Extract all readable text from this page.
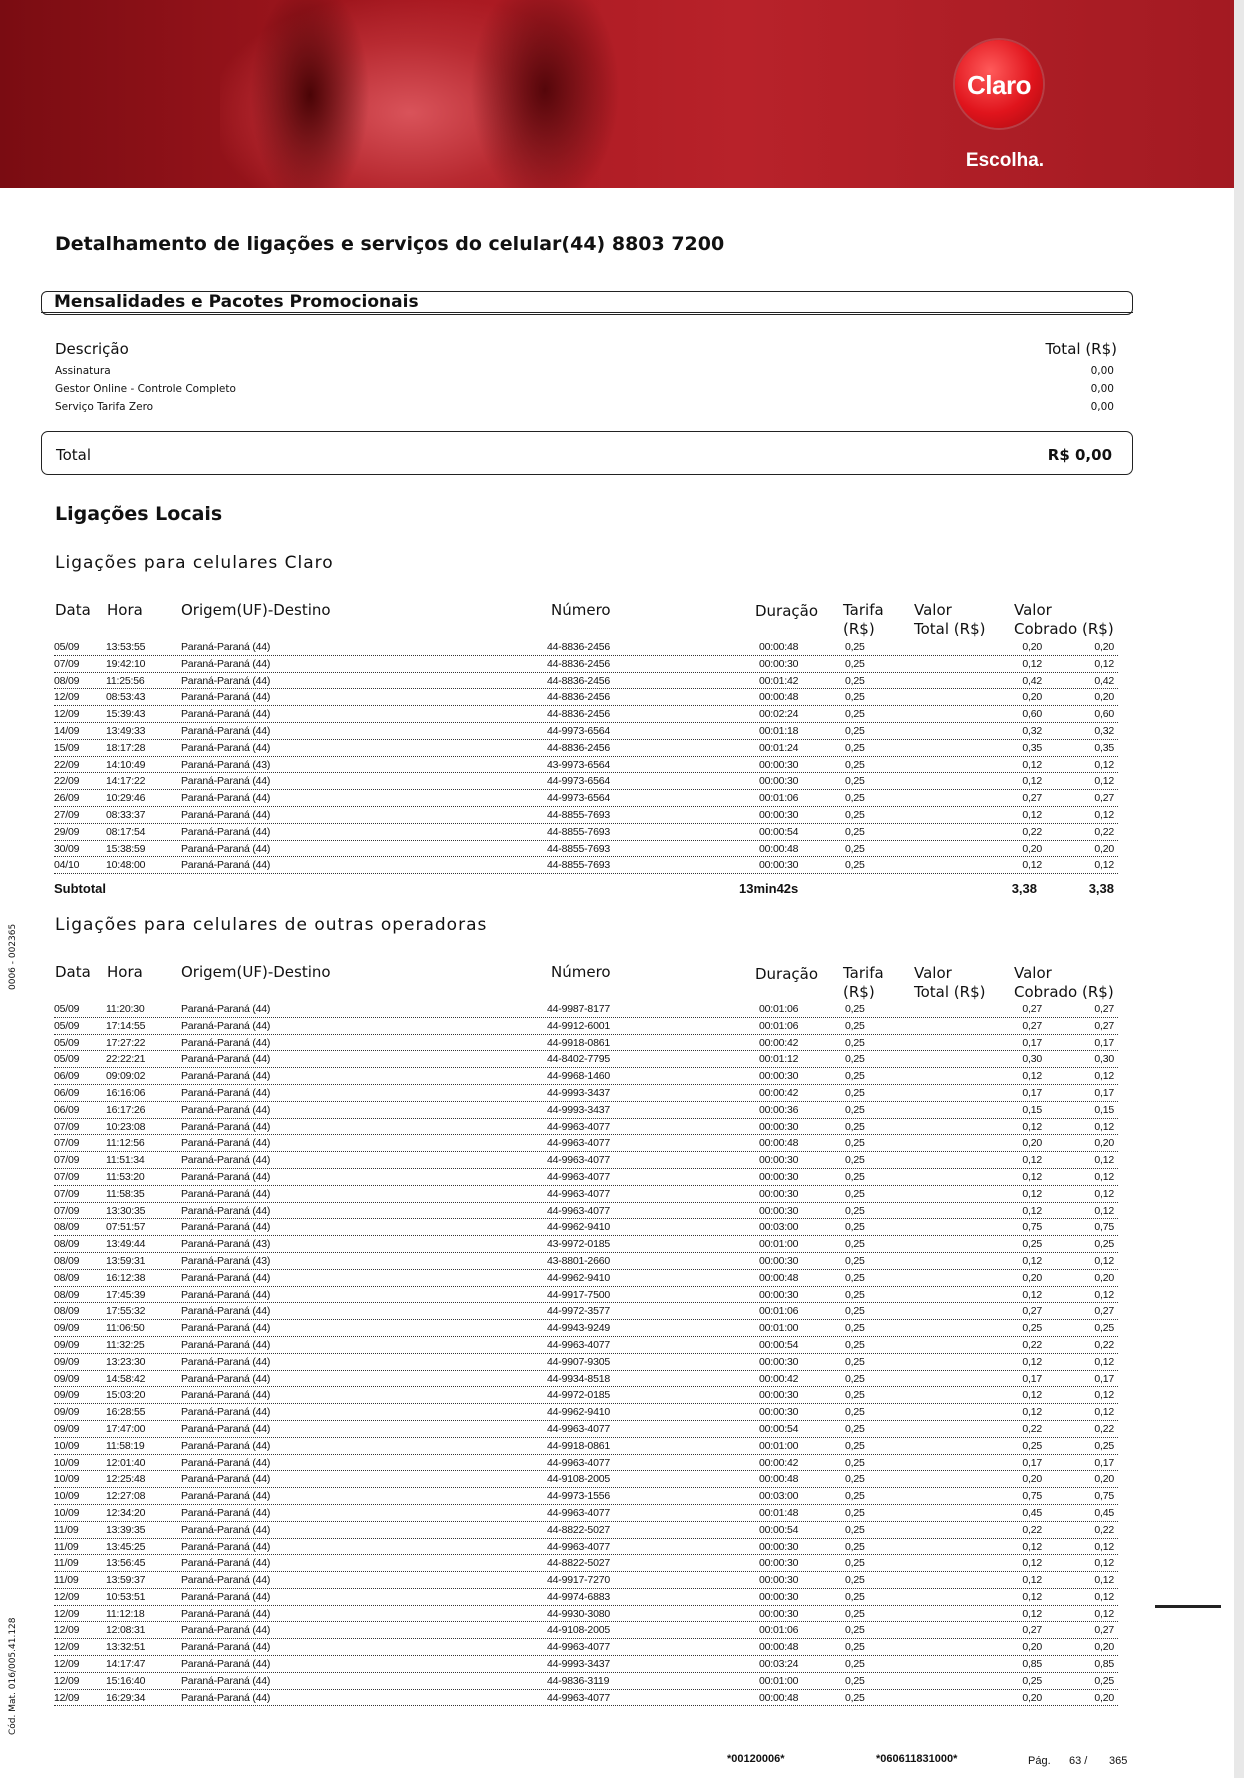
Claro
Escolha.
Detalhamento de ligações e serviços do celular(44) 8803 7200
Mensalidades e Pacotes Promocionais
Descrição	Total (R$)
Assinatura	0,00
Gestor Online - Controle Completo	0,00
Serviço Tarifa Zero	0,00
Total	R$ 0,00
Ligações Locais
Ligações para celulares Claro
Data Hora	Origem(UF)-Destino	Número	Duração Tarifa
(R$)
Valor
Total (R$)
Valor
Cobrado (R$)
05/09	13:53:55	Paraná-Paraná (44)	44-8836-2456	00:00:48	0,25	0,20	0,20
07/09	19:42:10	Paraná-Paraná (44)	44-8836-2456	00:00:30	0,25	0,12	0,12
08/09	11:25:56	Paraná-Paraná (44)	44-8836-2456	00:01:42	0,25	0,42	0,42
12/09	08:53:43	Paraná-Paraná (44)	44-8836-2456	00:00:48	0,25	0,20	0,20
12/09	15:39:43	Paraná-Paraná (44)	44-8836-2456	00:02:24	0,25	0,60	0,60
14/09	13:49:33	Paraná-Paraná (44)	44-9973-6564	00:01:18	0,25	0,32	0,32
15/09	18:17:28	Paraná-Paraná (44)	44-8836-2456	00:01:24	0,25	0,35	0,35
22/09	14:10:49	Paraná-Paraná (43)	43-9973-6564	00:00:30	0,25	0,12	0,12
22/09	14:17:22	Paraná-Paraná (44)	44-9973-6564	00:00:30	0,25	0,12	0,12
26/09	10:29:46	Paraná-Paraná (44)	44-9973-6564	00:01:06	0,25	0,27	0,27
27/09	08:33:37	Paraná-Paraná (44)	44-8855-7693	00:00:30	0,25	0,12	0,12
29/09	08:17:54	Paraná-Paraná (44)	44-8855-7693	00:00:54	0,25	0,22	0,22
30/09	15:38:59	Paraná-Paraná (44)	44-8855-7693	00:00:48	0,25	0,20	0,20
04/10	10:48:00	Paraná-Paraná (44)	44-8855-7693	00:00:30	0,25	0,12	0,12
Subtotal	13min42s	3,38	3,38
Ligações para celulares de outras operadoras
Data Hora	Origem(UF)-Destino	Número	Duração Tarifa
(R$)
Valor
Total (R$)
Valor
Cobrado (R$)
05/09	11:20:30	Paraná-Paraná (44)	44-9987-8177	00:01:06	0,25	0,27	0,27
05/09	17:14:55	Paraná-Paraná (44)	44-9912-6001	00:01:06	0,25	0,27	0,27
05/09	17:27:22	Paraná-Paraná (44)	44-9918-0861	00:00:42	0,25	0,17	0,17
05/09	22:22:21	Paraná-Paraná (44)	44-8402-7795	00:01:12	0,25	0,30	0,30
06/09	09:09:02	Paraná-Paraná (44)	44-9968-1460	00:00:30	0,25	0,12	0,12
06/09	16:16:06	Paraná-Paraná (44)	44-9993-3437	00:00:42	0,25	0,17	0,17
06/09	16:17:26	Paraná-Paraná (44)	44-9993-3437	00:00:36	0,25	0,15	0,15
07/09	10:23:08	Paraná-Paraná (44)	44-9963-4077	00:00:30	0,25	0,12	0,12
07/09	11:12:56	Paraná-Paraná (44)	44-9963-4077	00:00:48	0,25	0,20	0,20
07/09	11:51:34	Paraná-Paraná (44)	44-9963-4077	00:00:30	0,25	0,12	0,12
07/09	11:53:20	Paraná-Paraná (44)	44-9963-4077	00:00:30	0,25	0,12	0,12
07/09	11:58:35	Paraná-Paraná (44)	44-9963-4077	00:00:30	0,25	0,12	0,12
07/09	13:30:35	Paraná-Paraná (44)	44-9963-4077	00:00:30	0,25	0,12	0,12
08/09	07:51:57	Paraná-Paraná (44)	44-9962-9410	00:03:00	0,25	0,75	0,75
08/09	13:49:44	Paraná-Paraná (43)	43-9972-0185	00:01:00	0,25	0,25	0,25
08/09	13:59:31	Paraná-Paraná (43)	43-8801-2660	00:00:30	0,25	0,12	0,12
08/09	16:12:38	Paraná-Paraná (44)	44-9962-9410	00:00:48	0,25	0,20	0,20
08/09	17:45:39	Paraná-Paraná (44)	44-9917-7500	00:00:30	0,25	0,12	0,12
08/09	17:55:32	Paraná-Paraná (44)	44-9972-3577	00:01:06	0,25	0,27	0,27
09/09	11:06:50	Paraná-Paraná (44)	44-9943-9249	00:01:00	0,25	0,25	0,25
09/09	11:32:25	Paraná-Paraná (44)	44-9963-4077	00:00:54	0,25	0,22	0,22
09/09	13:23:30	Paraná-Paraná (44)	44-9907-9305	00:00:30	0,25	0,12	0,12
09/09	14:58:42	Paraná-Paraná (44)	44-9934-8518	00:00:42	0,25	0,17	0,17
09/09	15:03:20	Paraná-Paraná (44)	44-9972-0185	00:00:30	0,25	0,12	0,12
09/09	16:28:55	Paraná-Paraná (44)	44-9962-9410	00:00:30	0,25	0,12	0,12
09/09	17:47:00	Paraná-Paraná (44)	44-9963-4077	00:00:54	0,25	0,22	0,22
10/09	11:58:19	Paraná-Paraná (44)	44-9918-0861	00:01:00	0,25	0,25	0,25
10/09	12:01:40	Paraná-Paraná (44)	44-9963-4077	00:00:42	0,25	0,17	0,17
10/09	12:25:48	Paraná-Paraná (44)	44-9108-2005	00:00:48	0,25	0,20	0,20
10/09	12:27:08	Paraná-Paraná (44)	44-9973-1556	00:03:00	0,25	0,75	0,75
10/09	12:34:20	Paraná-Paraná (44)	44-9963-4077	00:01:48	0,25	0,45	0,45
11/09	13:39:35	Paraná-Paraná (44)	44-8822-5027	00:00:54	0,25	0,22	0,22
11/09	13:45:25	Paraná-Paraná (44)	44-9963-4077	00:00:30	0,25	0,12	0,12
11/09	13:56:45	Paraná-Paraná (44)	44-8822-5027	00:00:30	0,25	0,12	0,12
11/09	13:59:37	Paraná-Paraná (44)	44-9917-7270	00:00:30	0,25	0,12	0,12
12/09	10:53:51	Paraná-Paraná (44)	44-9974-6883	00:00:30	0,25	0,12	0,12
12/09	11:12:18	Paraná-Paraná (44)	44-9930-3080	00:00:30	0,25	0,12	0,12
12/09	12:08:31	Paraná-Paraná (44)	44-9108-2005	00:01:06	0,25	0,27	0,27
12/09	13:32:51	Paraná-Paraná (44)	44-9963-4077	00:00:48	0,25	0,20	0,20
12/09	14:17:47	Paraná-Paraná (44)	44-9993-3437	00:03:24	0,25	0,85	0,85
12/09	15:16:40	Paraná-Paraná (44)	44-9836-3119	00:01:00	0,25	0,25	0,25
12/09	16:29:34	Paraná-Paraná (44)	44-9963-4077	00:00:48	0,25	0,20	0,20
0006 - 002365
Cód. Mat. 016/005.41.128
*00120006*	*060611831000*	Pág. 63 / 365
